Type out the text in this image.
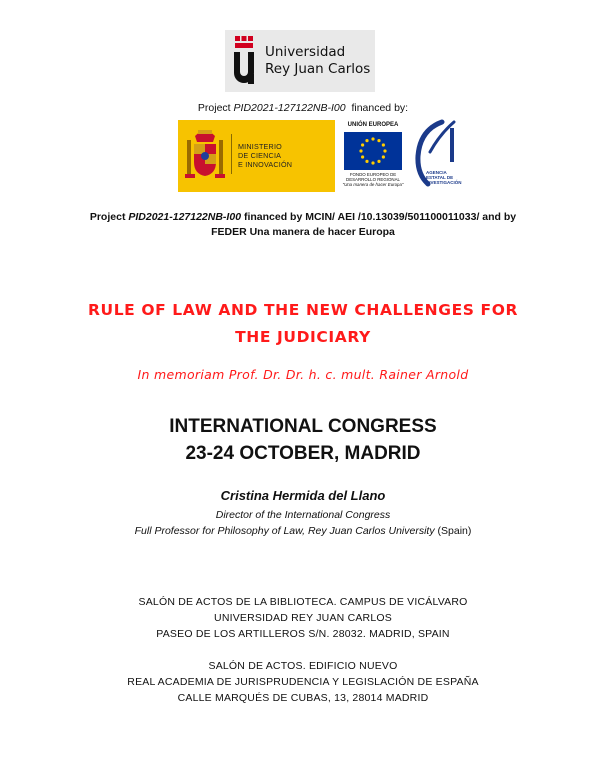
Universidad
Rey Juan Carlos
Project PID2021-127122NB-I00 financed by:
MINISTERIO
DE CIENCIA
E INNOVACIÓN
UNIÓN EUROPEA
FONDO EUROPEO DE
DESARROLLO REGIONAL
"Una manera de hacer Europa"
AGENCIA
ESTATAL DE
INVESTIGACIÓN
Project PID2021-127122NB-I00 financed by MCIN/ AEI /10.13039/501100011033/ and by
FEDER Una manera de hacer Europa
RULE OF LAW AND THE NEW CHALLENGES FOR
THE JUDICIARY
In memoriam Prof. Dr. Dr. h. c. mult. Rainer Arnold
INTERNATIONAL CONGRESS
23-24 OCTOBER, MADRID
Cristina Hermida del Llano
Director of the International Congress
Full Professor for Philosophy of Law, Rey Juan Carlos University (Spain)
SALÓN DE ACTOS DE LA BIBLIOTECA. CAMPUS DE VICÁLVARO
UNIVERSIDAD REY JUAN CARLOS
PASEO DE LOS ARTILLEROS S/N. 28032. MADRID, SPAIN
SALÓN DE ACTOS. EDIFICIO NUEVO
REAL ACADEMIA DE JURISPRUDENCIA Y LEGISLACIÓN DE ESPAÑA
CALLE MARQUÉS DE CUBAS, 13, 28014 MADRID
